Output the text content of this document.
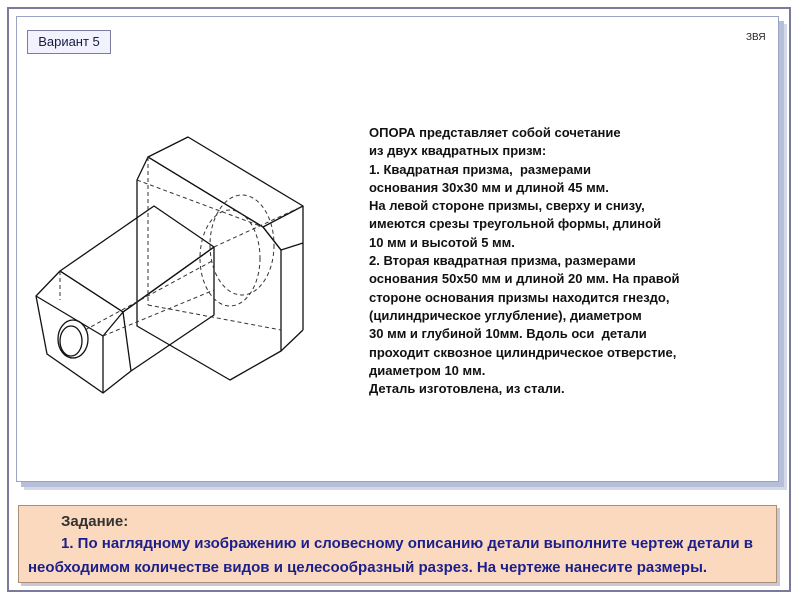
Вариант 5	ЗВЯ
ОПОРА представляет собой сочетание
из двух квадратных призм:
1. Квадратная призма,  размерами
основания 30х30 мм и длиной 45 мм.
На левой стороне призмы, сверху и снизу,
имеются срезы треугольной формы, длиной
10 мм и высотой 5 мм.
2. Вторая квадратная призма, размерами
основания 50х50 мм и длиной 20 мм. На правой
стороне основания призмы находится гнездо,
(цилиндрическое углубление), диаметром
30 мм и глубиной 10мм. Вдоль оси  детали
проходит сквозное цилиндрическое отверстие,
диаметром 10 мм.
Деталь изготовлена, из стали.
Задание:
1. По наглядному изображению и словесному описанию детали выполните чертеж детали в
необходимом количестве видов и целесообразный разрез. На чертеже нанесите размеры.
